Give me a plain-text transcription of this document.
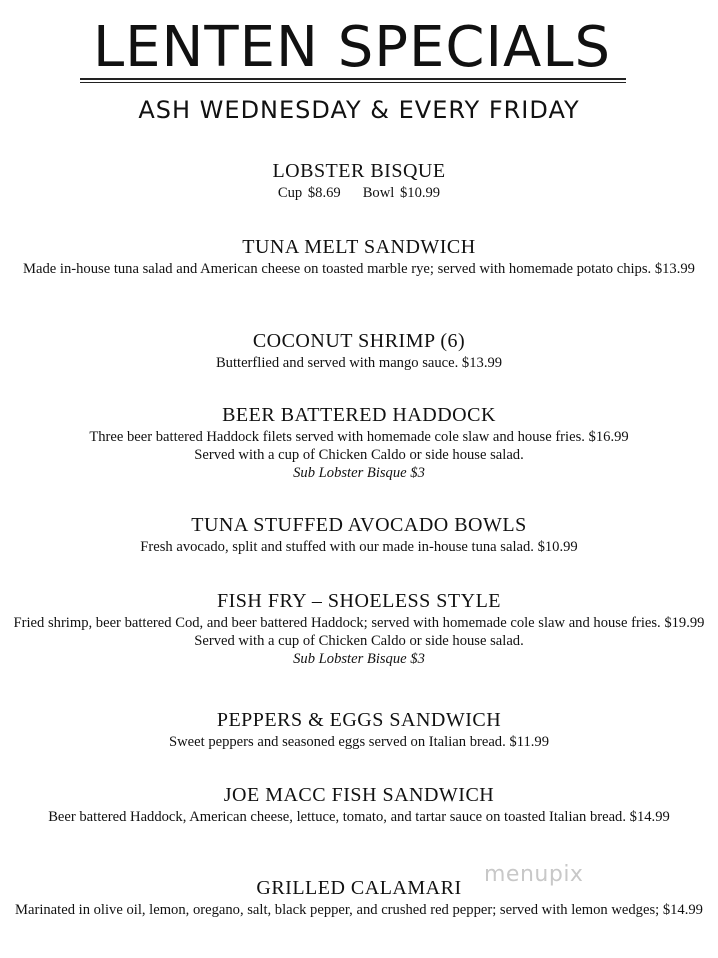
LENTEN SPECIALS
ASH WEDNESDAY & EVERY FRIDAY
LOBSTER BISQUE
Cup $8.69 Bowl $10.99
TUNA MELT SANDWICH
Made in-house tuna salad and American cheese on toasted marble rye; served with homemade potato chips. $13.99
COCONUT SHRIMP (6)
Butterflied and served with mango sauce. $13.99
BEER BATTERED HADDOCK
Three beer battered Haddock filets served with homemade cole slaw and house fries. $16.99
Served with a cup of Chicken Caldo or side house salad.
Sub Lobster Bisque $3
TUNA STUFFED AVOCADO BOWLS
Fresh avocado, split and stuffed with our made in-house tuna salad. $10.99
FISH FRY – SHOELESS STYLE
Fried shrimp, beer battered Cod, and beer battered Haddock; served with homemade cole slaw and house fries. $19.99
Served with a cup of Chicken Caldo or side house salad.
Sub Lobster Bisque $3
PEPPERS & EGGS SANDWICH
Sweet peppers and seasoned eggs served on Italian bread. $11.99
JOE MACC FISH SANDWICH
Beer battered Haddock, American cheese, lettuce, tomato, and tartar sauce on toasted Italian bread. $14.99
GRILLED CALAMARI
Marinated in olive oil, lemon, oregano, salt, black pepper, and crushed red pepper; served with lemon wedges; $14.99
menupix
